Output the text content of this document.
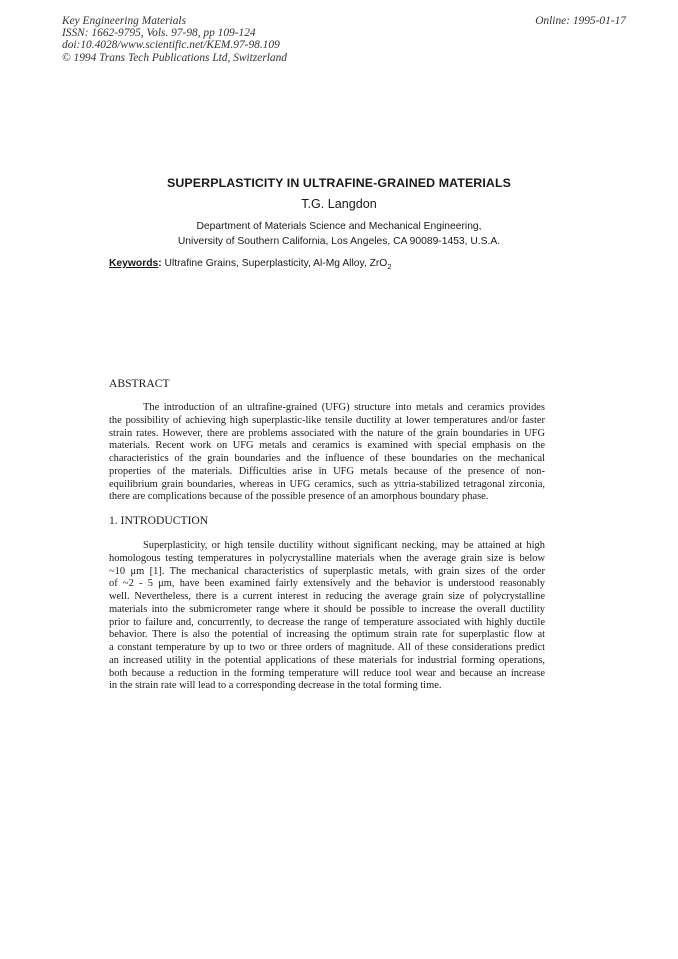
Key Engineering Materials
ISSN: 1662-9795, Vols. 97-98, pp 109-124
doi:10.4028/www.scientific.net/KEM.97-98.109
© 1994 Trans Tech Publications Ltd, Switzerland
Online: 1995-01-17
SUPERPLASTICITY IN ULTRAFINE-GRAINED MATERIALS
T.G. Langdon
Department of Materials Science and Mechanical Engineering,
University of Southern California, Los Angeles, CA 90089-1453, U.S.A.
Keywords: Ultrafine Grains, Superplasticity, Al-Mg Alloy, ZrO$_2$
ABSTRACT
The introduction of an ultrafine-grained (UFG) structure into metals and ceramics provides
the possibility of achieving high superplastic-like tensile ductility at lower temperatures and/or faster
strain rates. However, there are problems associated with the nature of the grain boundaries in UFG
materials. Recent work on UFG metals and ceramics is examined with special emphasis on the
characteristics of the grain boundaries and the influence of these boundaries on the mechanical
properties of the materials. Difficulties arise in UFG metals because of the presence of non-
equilibrium grain boundaries, whereas in UFG ceramics, such as yttria-stabilized tetragonal zirconia,
there are complications because of the possible presence of an amorphous boundary phase.
1. INTRODUCTION
Superplasticity, or high tensile ductility without significant necking, may be attained at high
homologous testing temperatures in polycrystalline materials when the average grain size is below
~10 μm [1]. The mechanical characteristics of superplastic metals, with grain sizes of the order
of ~2 - 5 μm, have been examined fairly extensively and the behavior is understood reasonably
well. Nevertheless, there is a current interest in reducing the average grain size of polycrystalline
materials into the submicrometer range where it should be possible to increase the overall ductility
prior to failure and, concurrently, to decrease the range of temperature associated with highly ductile
behavior. There is also the potential of increasing the optimum strain rate for superplastic flow at
a constant temperature by up to two or three orders of magnitude. All of these considerations predict
an increased utility in the potential applications of these materials for industrial forming operations,
both because a reduction in the forming temperature will reduce tool wear and because an increase
in the strain rate will lead to a corresponding decrease in the total forming time.
